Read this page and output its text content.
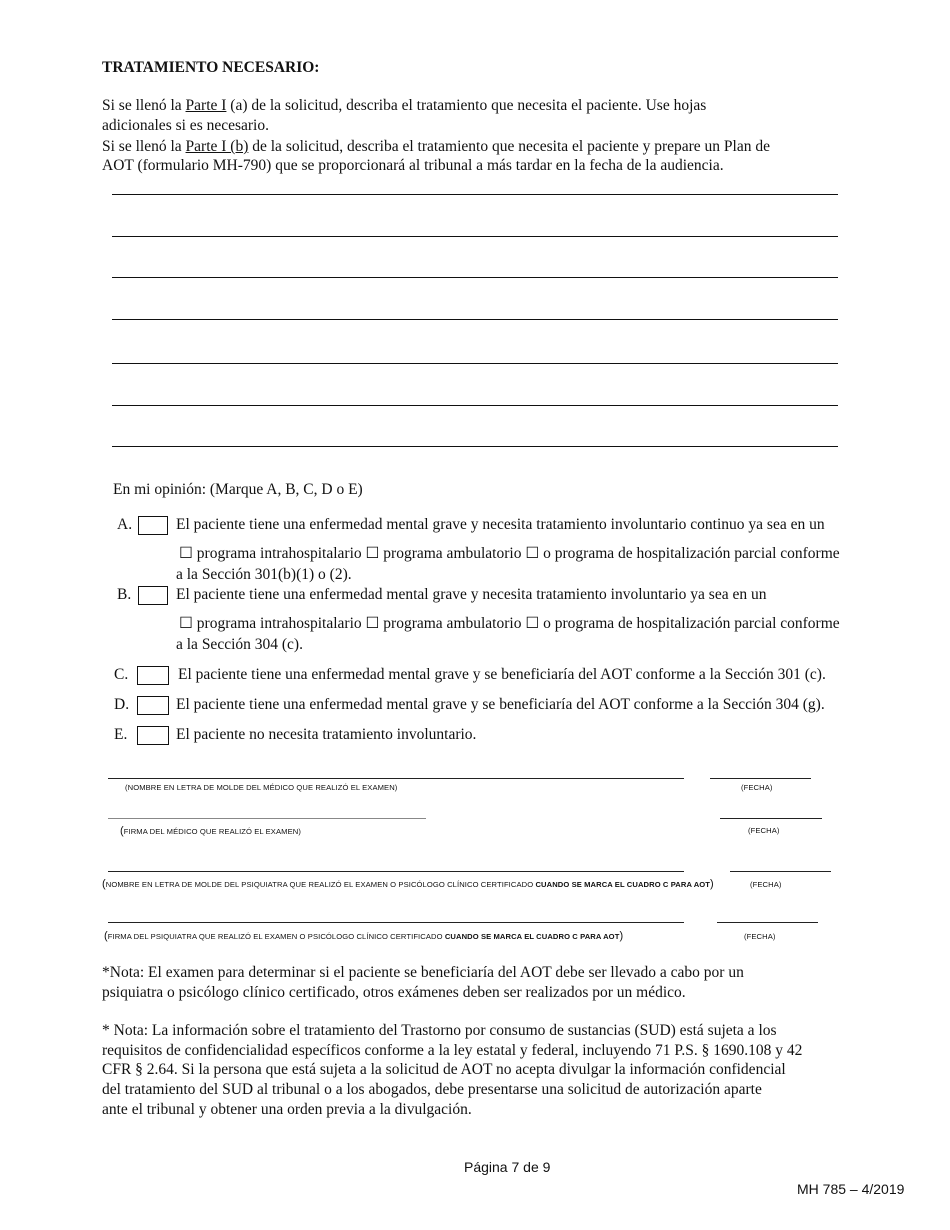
TRATAMIENTO NECESARIO:
Si se llenó la Parte I (a) de la solicitud, describa el tratamiento que necesita el paciente. Use hojas
adicionales si es necesario.
Si se llenó la Parte I (b) de la solicitud, describa el tratamiento que necesita el paciente y prepare un Plan de
AOT (formulario MH-790) que se proporcionará al tribunal a más tardar en la fecha de la audiencia.
En mi opinión: (Marque A, B, C, D o E)
A.	El paciente tiene una enfermedad mental grave y necesita tratamiento involuntario continuo ya sea en un
☐ programa intrahospitalario ☐ programa ambulatorio ☐ o programa de hospitalización parcial conforme
a la Sección 301(b)(1) o (2).
B.	El paciente tiene una enfermedad mental grave y necesita tratamiento involuntario ya sea en un
☐ programa intrahospitalario ☐ programa ambulatorio ☐ o programa de hospitalización parcial conforme
a la Sección 304 (c).
C.	El paciente tiene una enfermedad mental grave y se beneficiaría del AOT conforme a la Sección 301 (c).
D.	El paciente tiene una enfermedad mental grave y se beneficiaría del AOT conforme a la Sección 304 (g).
E.	El paciente no necesita tratamiento involuntario.
(NOMBRE EN LETRA DE MOLDE DEL MÉDICO QUE REALIZÓ EL EXAMEN)	(FECHA)
(FIRMA DEL MÉDICO QUE REALIZÓ EL EXAMEN)	(FECHA)
(NOMBRE EN LETRA DE MOLDE DEL PSIQUIATRA QUE REALIZÓ EL EXAMEN O PSICÓLOGO CLÍNICO CERTIFICADO CUANDO SE MARCA EL CUADRO C PARA AOT)	(FECHA)
(FIRMA DEL PSIQUIATRA QUE REALIZÓ EL EXAMEN O PSICÓLOGO CLÍNICO CERTIFICADO CUANDO SE MARCA EL CUADRO C PARA AOT)	(FECHA)
*Nota: El examen para determinar si el paciente se beneficiaría del AOT debe ser llevado a cabo por un
psiquiatra o psicólogo clínico certificado, otros exámenes deben ser realizados por un médico.
* Nota: La información sobre el tratamiento del Trastorno por consumo de sustancias (SUD) está sujeta a los
requisitos de confidencialidad específicos conforme a la ley estatal y federal, incluyendo 71 P.S. § 1690.108 y 42
CFR § 2.64. Si la persona que está sujeta a la solicitud de AOT no acepta divulgar la información confidencial
del tratamiento del SUD al tribunal o a los abogados, debe presentarse una solicitud de autorización aparte
ante el tribunal y obtener una orden previa a la divulgación.
Página 7 de 9
MH 785 – 4/2019
